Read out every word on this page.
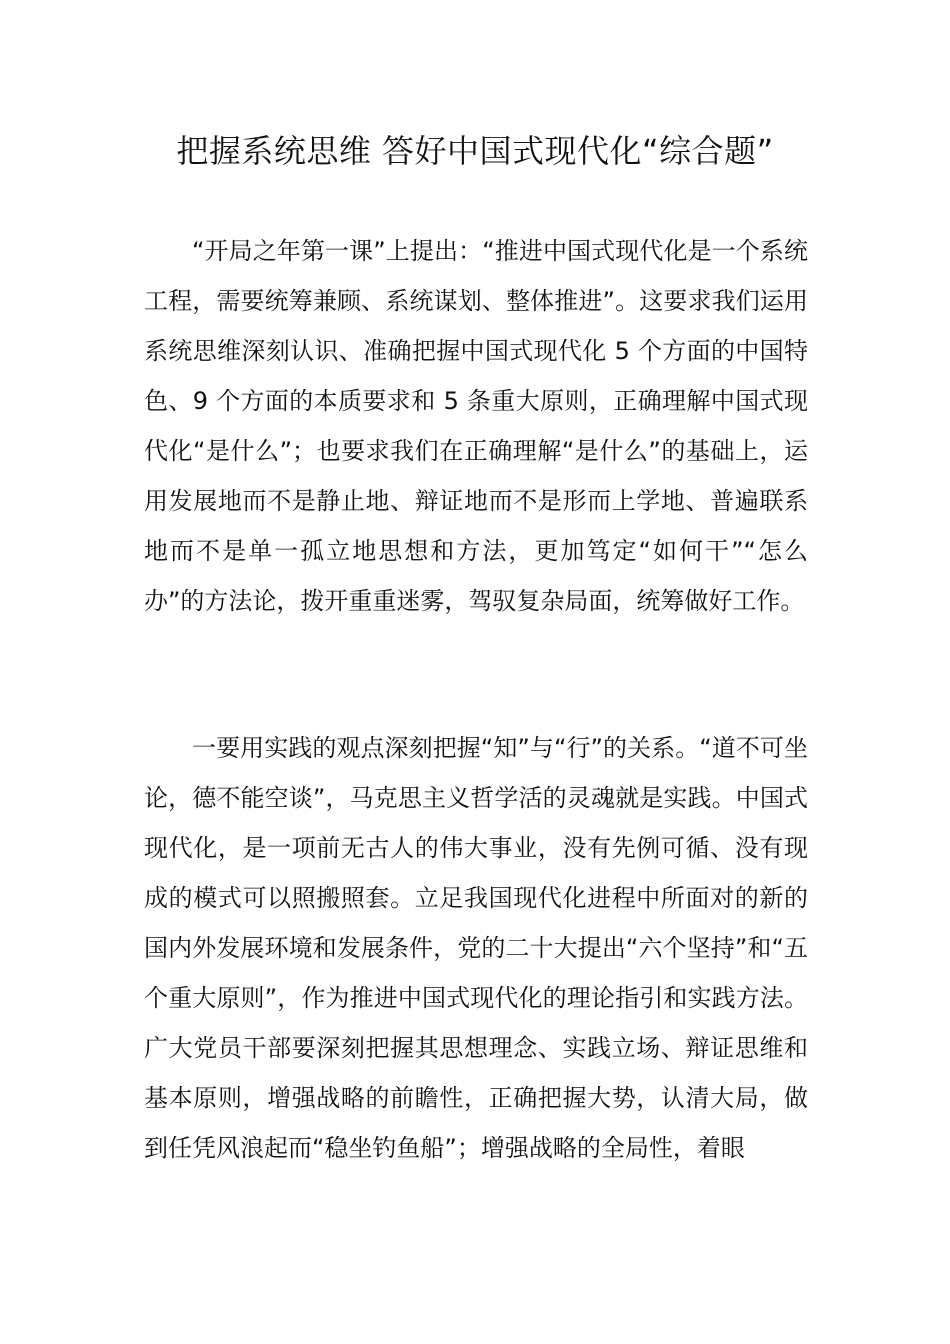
把握系统思维 答好中国式现代化“综合题”

“开局之年第一课”上提出：“推进中国式现代化是一个系统工程，需要统筹兼顾、系统谋划、整体推进”。这要求我们运用系统思维深刻认识、准确把握中国式现代化 5 个方面的中国特色、9 个方面的本质要求和 5 条重大原则，正确理解中国式现代化“是什么”；也要求我们在正确理解“是什么”的基础上，运用发展地而不是静止地、辩证地而不是形而上学地、普遍联系地而不是单一孤立地思想和方法，更加笃定“如何干”“怎么办”的方法论，拨开重重迷雾，驾驭复杂局面，统筹做好工作。

一要用实践的观点深刻把握“知”与“行”的关系。“道不可坐论，德不能空谈”，马克思主义哲学活的灵魂就是实践。中国式现代化，是一项前无古人的伟大事业，没有先例可循、没有现成的模式可以照搬照套。立足我国现代化进程中所面对的新的国内外发展环境和发展条件，党的二十大提出“六个坚持”和“五个重大原则”，作为推进中国式现代化的理论指引和实践方法。广大党员干部要深刻把握其思想理念、实践立场、辩证思维和基本原则，增强战略的前瞻性，正确把握大势，认清大局，做到任凭风浪起而“稳坐钓鱼船”；增强战略的全局性，着眼
